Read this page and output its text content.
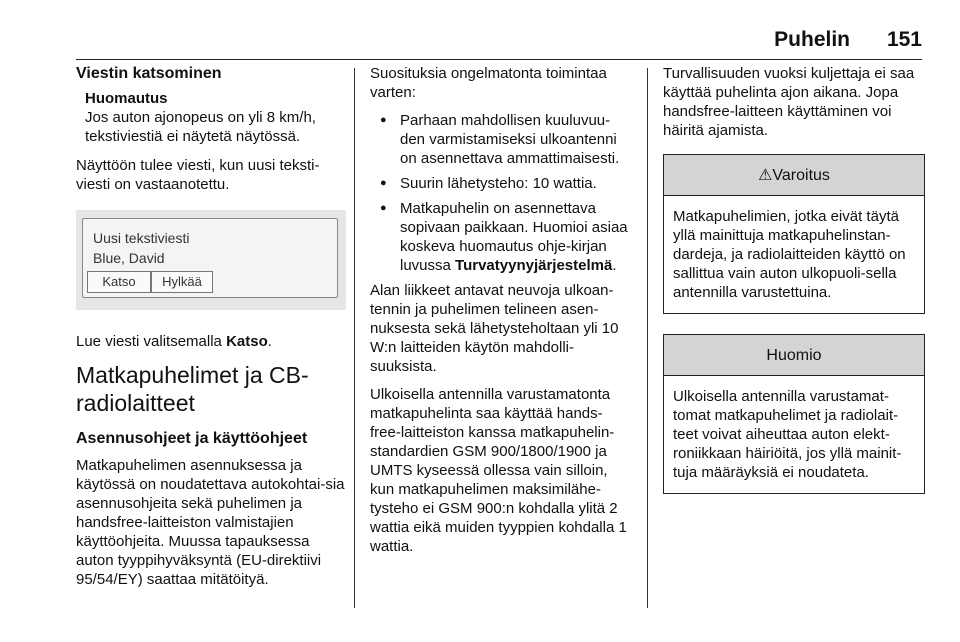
Puhelin 151
Viestin katsominen
Huomautus
Jos auton ajonopeus on yli 8 km/h, tekstiviestiä ei näytetä näytössä.

Näyttöön tulee viesti, kun uusi teksti-viesti on vastaanotettu.

Uusi tekstiviesti
Blue, David
Katso	Hylkää

Lue viesti valitsemalla Katso.

Matkapuhelimet ja CB-radiolaitteet
Asennusohjeet ja käyttöohjeet

Matkapuhelimen asennuksessa ja käytössä on noudatettava autokohtai-sia asennusohjeita sekä puhelimen ja handsfree-laitteiston valmistajien käyttöohjeita. Muussa tapauksessa auton tyyppihyväksyntä (EU-direktiivi 95/54/EY) saattaa mitätöityä.

Suosituksia ongelmatonta toimintaa varten:

● Parhaan mahdollisen kuuluvuu-den varmistamiseksi ulkoantenni on asennettava ammattimaisesti.
● Suurin lähetysteho: 10 wattia.
● Matkapuhelin on asennettava sopivaan paikkaan. Huomioi asiaa koskeva huomautus ohje-kirjan luvussa Turvatyynyjärjestelmä.

Alan liikkeet antavat neuvoja ulkoan-tennin ja puhelimen telineen asen-nuksesta sekä lähetysteholtaan yli 10 W:n laitteiden käytön mahdolli-suuksista.

Ulkoisella antennilla varustamatonta matkapuhelinta saa käyttää hands-free-laitteiston kanssa matkapuhelin-standardien GSM 900/1800/1900 ja UMTS kyseessä ollessa vain silloin, kun matkapuhelimen maksimilähe-tysteho ei GSM 900:n kohdalla ylitä 2 wattia eikä muiden tyyppien kohdalla 1 wattia.

Turvallisuuden vuoksi kuljettaja ei saa käyttää puhelinta ajon aikana. Jopa handsfree-laitteen käyttäminen voi häiritä ajamista.

⚠Varoitus
Matkapuhelimien, jotka eivät täytä yllä mainittuja matkapuhelinstan-dardeja, ja radiolaitteiden käyttö on sallittua vain auton ulkopuoli-sella antennilla varustettuina.
Huomio
Ulkoisella antennilla varustamat-tomat matkapuhelimet ja radiolait-teet voivat aiheuttaa auton elekt-roniikkaan häiriöitä, jos yllä mainit-tuja määräyksiä ei noudateta.
